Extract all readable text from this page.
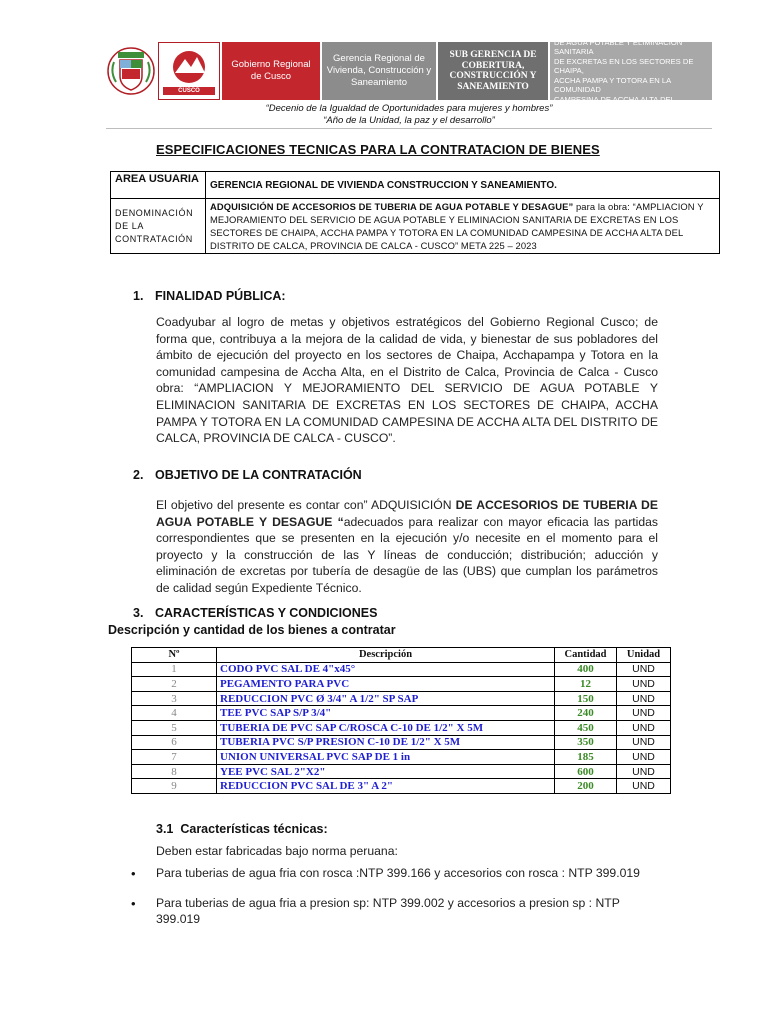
CUSCO
Gobierno Regional de Cusco
Gerencia Regional de Vivienda, Construcción y Saneamiento
SUB GERENCIA DE COBERTURA, CONSTRUCCIÓN Y SANEAMIENTO
AMPLIACION Y MEJORAMIENTO DEL SERVICIO
DE AGUA POTABLE Y ELIMINACION SANITARIA
DE EXCRETAS EN LOS SECTORES DE CHAIPA,
ACCHA PAMPA Y TOTORA EN LA COMUNIDAD
CAMPESINA DE ACCHA ALTA DEL DISTRITO DE
CALCA, PROVINCIA DE CALCA - CUSCO
“Decenio de la Igualdad de Oportunidades para mujeres y hombres”
“Año de la Unidad, la paz y el desarrollo”
ESPECIFICACIONES TECNICAS PARA LA CONTRATACION DE BIENES
AREA USUARIA	GERENCIA REGIONAL DE VIVIENDA CONSTRUCCION Y SANEAMIENTO.
DENOMINACIÓN DE LA CONTRATACIÓN	ADQUISICIÓN DE ACCESORIOS DE TUBERIA DE AGUA POTABLE Y DESAGUE” para la obra: “AMPLIACION Y MEJORAMIENTO DEL SERVICIO DE AGUA POTABLE Y ELIMINACION SANITARIA DE EXCRETAS EN LOS SECTORES DE CHAIPA, ACCHA PAMPA Y TOTORA EN LA COMUNIDAD CAMPESINA DE ACCHA ALTA DEL DISTRITO DE CALCA, PROVINCIA DE CALCA - CUSCO” META 225 – 2023
1. FINALIDAD PÚBLICA:
Coadyubar al logro de metas y objetivos estratégicos del Gobierno Regional Cusco; de forma que, contribuya a la mejora de la calidad de vida, y bienestar de sus pobladores del ámbito de ejecución del proyecto en los sectores de Chaipa, Acchapampa y Totora en la comunidad campesina de Accha Alta, en el Distrito de Calca, Provincia de Calca - Cusco obra: “AMPLIACION Y MEJORAMIENTO DEL SERVICIO DE AGUA POTABLE Y ELIMINACION SANITARIA DE EXCRETAS EN LOS SECTORES DE CHAIPA, ACCHA PAMPA Y TOTORA EN LA COMUNIDAD CAMPESINA DE ACCHA ALTA DEL DISTRITO DE CALCA, PROVINCIA DE CALCA - CUSCO”.
2. OBJETIVO DE LA CONTRATACIÓN
El objetivo del presente es contar con” ADQUISICIÓN DE ACCESORIOS DE TUBERIA DE AGUA POTABLE Y DESAGUE “adecuados para realizar con mayor eficacia las partidas correspondientes que se presenten en la ejecución y/o necesite en el momento para el proyecto y la construcción de las Y líneas de conducción; distribución; aducción y eliminación de excretas por tubería de desagüe de las (UBS) que cumplan los parámetros de calidad según Expediente Técnico.
3. CARACTERÍSTICAS Y CONDICIONES
Descripción y cantidad de los bienes a contratar
Nº	Descripción	Cantidad	Unidad
1	CODO PVC SAL DE 4"x45°	400	UND
2	PEGAMENTO PARA PVC	12	UND
3	REDUCCION PVC Ø 3/4" A 1/2" SP SAP	150	UND
4	TEE PVC SAP S/P 3/4"	240	UND
5	TUBERIA DE PVC SAP C/ROSCA C-10 DE 1/2" X 5M	450	UND
6	TUBERIA PVC S/P PRESION C-10 DE 1/2" X 5M	350	UND
7	UNION UNIVERSAL PVC SAP DE 1 in	185	UND
8	YEE PVC SAL 2"X2"	600	UND
9	REDUCCION PVC SAL DE 3" A 2"	200	UND
3.1 Características técnicas:
Deben estar fabricadas bajo norma peruana:
• Para tuberias de agua fria con rosca :NTP 399.166 y accesorios con rosca : NTP 399.019
• Para tuberias de agua fria a presion sp: NTP 399.002 y accesorios a presion sp : NTP 399.019
